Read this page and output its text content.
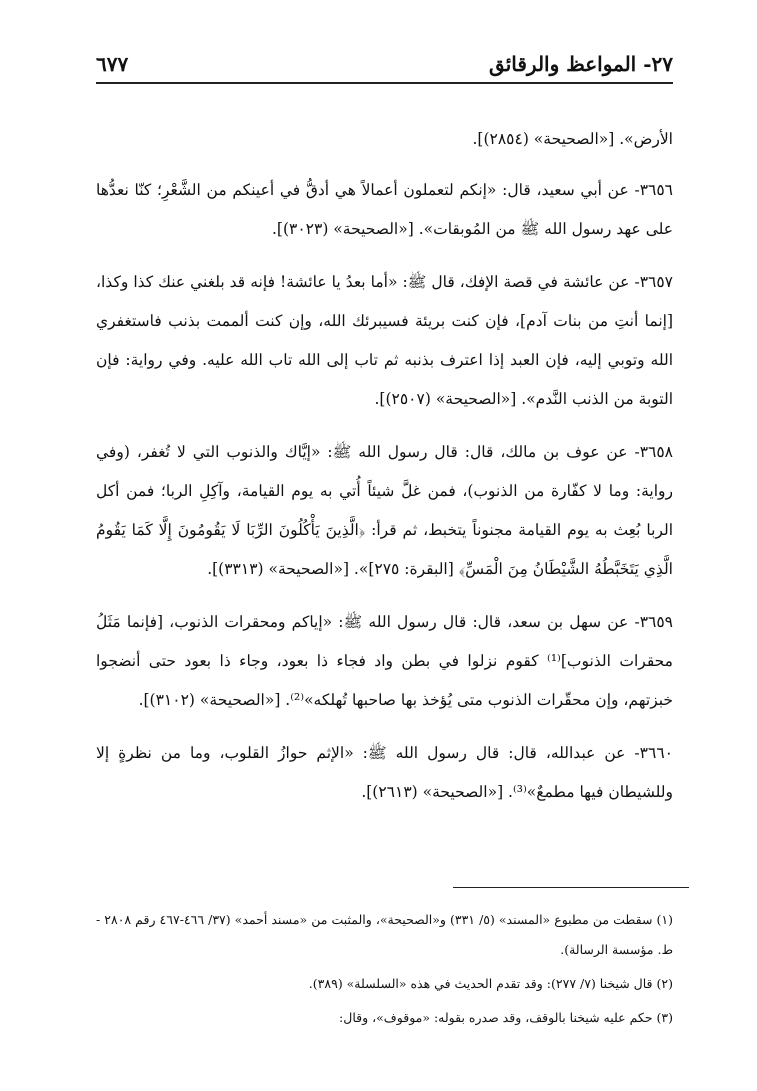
٢٧- المواعظ والرقائق
٦٧٧

الأرض». [«الصحيحة» (٢٨٥٤)].

٣٦٥٦- عن أبي سعيد، قال: «إنكم لتعملون أعمالاً هي أدقُّ في أعينكم من الشَّعْرِ؛ كنّا نعدُّها على عهد رسول الله ﷺ من المُوبقات». [«الصحيحة» (٣٠٢٣)].

٣٦٥٧- عن عائشة في قصة الإفك، قال ﷺ: «أما بعدُ يا عائشة! فإنه قد بلغني عنك كذا وكذا، [إنما أنتِ من بنات آدم]، فإن كنت بريئة فسيبرئك الله، وإن كنت ألممت بذنب فاستغفري الله وتوبي إليه، فإن العبد إذا اعترف بذنبه ثم تاب إلى الله تاب الله عليه. وفي رواية: فإن التوبة من الذنب النَّدم». [«الصحيحة» (٢٥٠٧)].

٣٦٥٨- عن عوف بن مالك، قال: قال رسول الله ﷺ: «إيَّاك والذنوب التي لا تُغفر، (وفي رواية: وما لا كفّارة من الذنوب)، فمن غلَّ شيئاً أُتي به يوم القيامة، وآكِلِ الربا؛ فمن أكل الربا بُعِث به يوم القيامة مجنوناً يتخبط، ثم قرأ: ﴿الَّذِينَ يَأْكُلُونَ الرِّبَا لَا يَقُومُونَ إِلَّا كَمَا يَقُومُ الَّذِي يَتَخَبَّطُهُ الشَّيْطَانُ مِنَ الْمَسِّ﴾ [البقرة: ٢٧٥]». [«الصحيحة» (٣٣١٣)].

٣٦٥٩- عن سهل بن سعد، قال: قال رسول الله ﷺ: «إياكم ومحقرات الذنوب، [فإنما مَثَلُ محقرات الذنوب]⁽¹⁾ كقوم نزلوا في بطن واد فجاء ذا بعود، وجاء ذا بعود حتى أنضجوا خبزتهم، وإن محقّرات الذنوب متى يُؤخذ بها صاحبها تُهلكه»⁽²⁾. [«الصحيحة» (٣١٠٢)].

٣٦٦٠- عن عبدالله، قال: قال رسول الله ﷺ: «الإثم حوازُ القلوب، وما من نظرةٍ إلا وللشيطان فيها مطمعٌ»⁽³⁾. [«الصحيحة» (٢٦١٣)].

(١) سقطت من مطبوع «المسند» (٥/ ٣٣١) و«الصحيحة»، والمثبت من «مسند أحمد» (٣٧/ ٤٦٦-٤٦٧ رقم ٢٨٠٨ - ط. مؤسسة الرسالة).

(٢) قال شيخنا (٧/ ٢٧٧): وقد تقدم الحديث في هذه «السلسلة» (٣٨٩).

(٣) حكم عليه شيخنا بالوقف، وقد صدره بقوله: «موقوف»، وقال:
